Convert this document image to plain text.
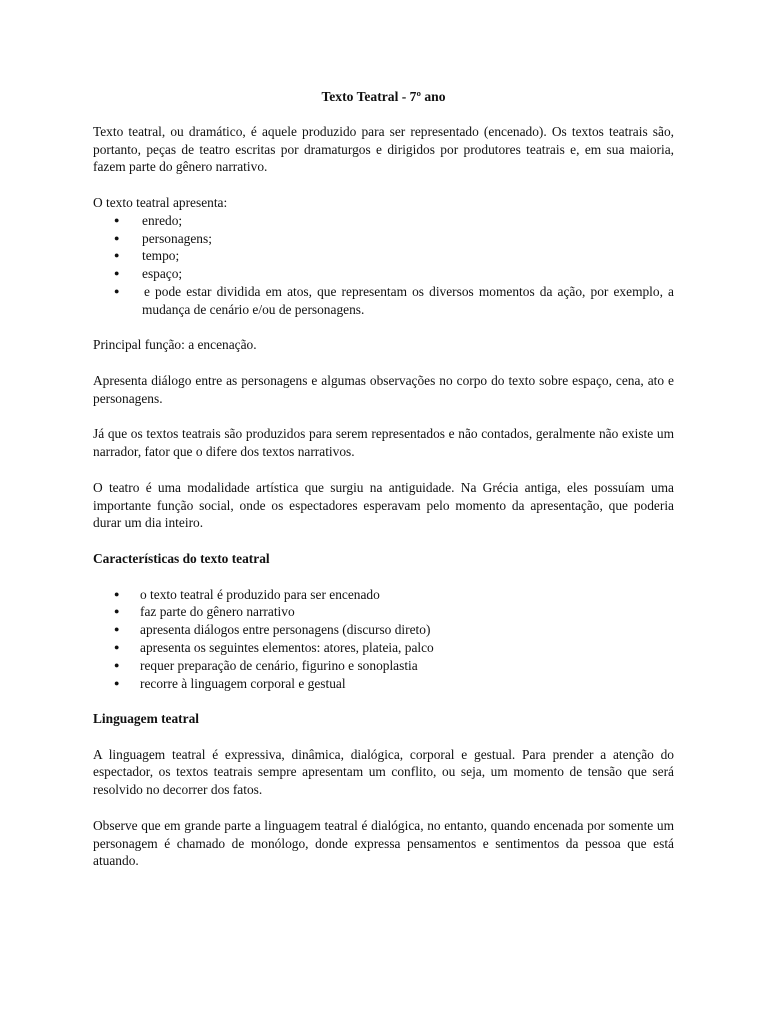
Texto Teatral - 7º ano

Texto teatral, ou dramático, é aquele produzido para ser representado (encenado). Os textos teatrais são, portanto, peças de teatro escritas por dramaturgos e dirigidos por produtores teatrais e, em sua maioria, fazem parte do gênero narrativo.

O texto teatral apresenta:

● enredo;
● personagens;
● tempo;
● espaço;
● e pode estar dividida em atos, que representam os diversos momentos da ação, por exemplo, a mudança de cenário e/ou de personagens.

Principal função: a encenação.

Apresenta diálogo entre as personagens e algumas observações no corpo do texto sobre espaço, cena, ato e personagens.

Já que os textos teatrais são produzidos para serem representados e não contados, geralmente não existe um narrador, fator que o difere dos textos narrativos.

O teatro é uma modalidade artística que surgiu na antiguidade. Na Grécia antiga, eles possuíam uma importante função social, onde os espectadores esperavam pelo momento da apresentação, que poderia durar um dia inteiro.

Características do texto teatral
● o texto teatral é produzido para ser encenado
● faz parte do gênero narrativo
● apresenta diálogos entre personagens (discurso direto)
● apresenta os seguintes elementos: atores, plateia, palco
● requer preparação de cenário, figurino e sonoplastia
● recorre à linguagem corporal e gestual
Linguagem teatral

A linguagem teatral é expressiva, dinâmica, dialógica, corporal e gestual. Para prender a atenção do espectador, os textos teatrais sempre apresentam um conflito, ou seja, um momento de tensão que será resolvido no decorrer dos fatos.

Observe que em grande parte a linguagem teatral é dialógica, no entanto, quando encenada por somente um personagem é chamado de monólogo, donde expressa pensamentos e sentimentos da pessoa que está atuando.
